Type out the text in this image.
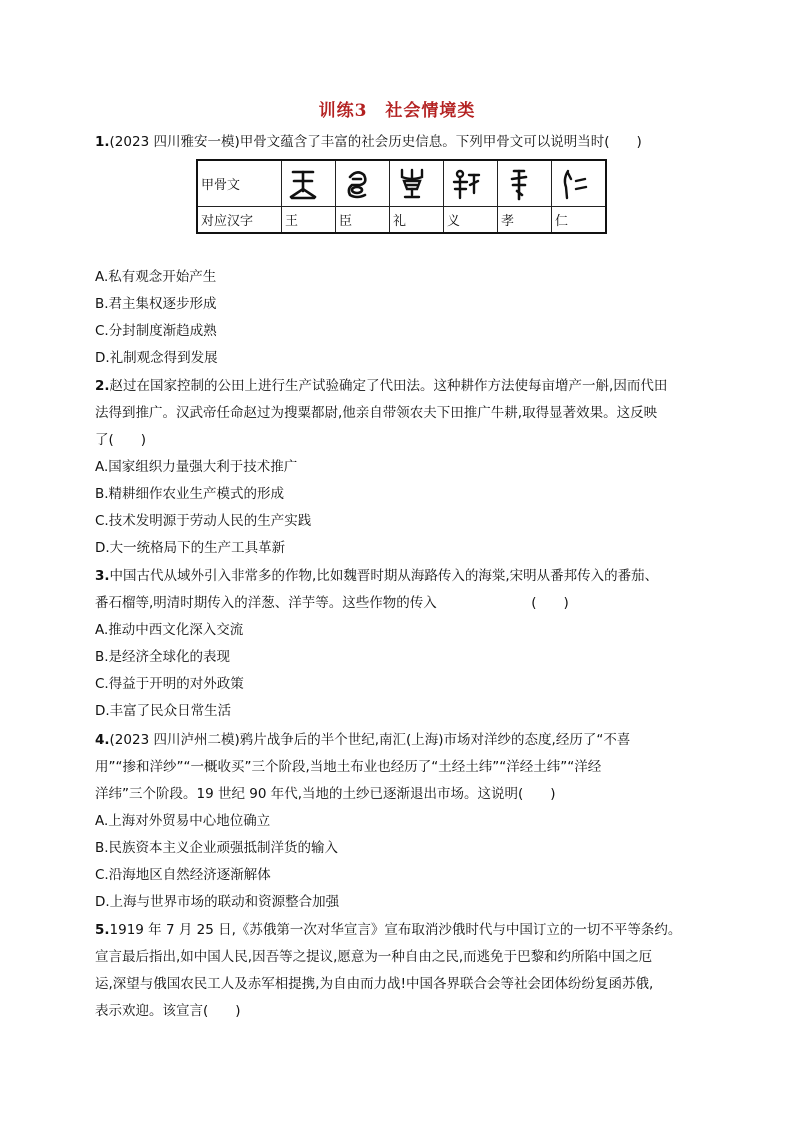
训练3　社会情境类
1.(2023 四川雅安一模)甲骨文蕴含了丰富的社会历史信息。下列甲骨文可以说明当时(　　)
甲骨文	

对应汉字	王	臣	礼	义	孝	仁
A.私有观念开始产生
B.君主集权逐步形成
C.分封制度渐趋成熟
D.礼制观念得到发展
2.赵过在国家控制的公田上进行生产试验确定了代田法。这种耕作方法使每亩增产一斛,因而代田
法得到推广。汉武帝任命赵过为搜粟都尉,他亲自带领农夫下田推广牛耕,取得显著效果。这反映
了(　　)
A.国家组织力量强大利于技术推广
B.精耕细作农业生产模式的形成
C.技术发明源于劳动人民的生产实践
D.大一统格局下的生产工具革新
3.中国古代从域外引入非常多的作物,比如魏晋时期从海路传入的海棠,宋明从番邦传入的番茄、
番石榴等,明清时期传入的洋葱、洋芋等。这些作物的传入　　　　　　　(　　)
A.推动中西文化深入交流
B.是经济全球化的表现
C.得益于开明的对外政策
D.丰富了民众日常生活
4.(2023 四川泸州二模)鸦片战争后的半个世纪,南汇(上海)市场对洋纱的态度,经历了“不喜
用”“掺和洋纱”“一概收买”三个阶段,当地土布业也经历了“土经土纬”“洋经土纬”“洋经
洋纬”三个阶段。19 世纪 90 年代,当地的土纱已逐渐退出市场。这说明(　　)
A.上海对外贸易中心地位确立
B.民族资本主义企业顽强抵制洋货的输入
C.沿海地区自然经济逐渐解体
D.上海与世界市场的联动和资源整合加强
5.1919 年 7 月 25 日,《苏俄第一次对华宣言》宣布取消沙俄时代与中国订立的一切不平等条约。
宣言最后指出,如中国人民,因吾等之提议,愿意为一种自由之民,而逃免于巴黎和约所陷中国之厄
运,深望与俄国农民工人及赤军相提携,为自由而力战!中国各界联合会等社会团体纷纷复函苏俄,
表示欢迎。该宣言(　　)
